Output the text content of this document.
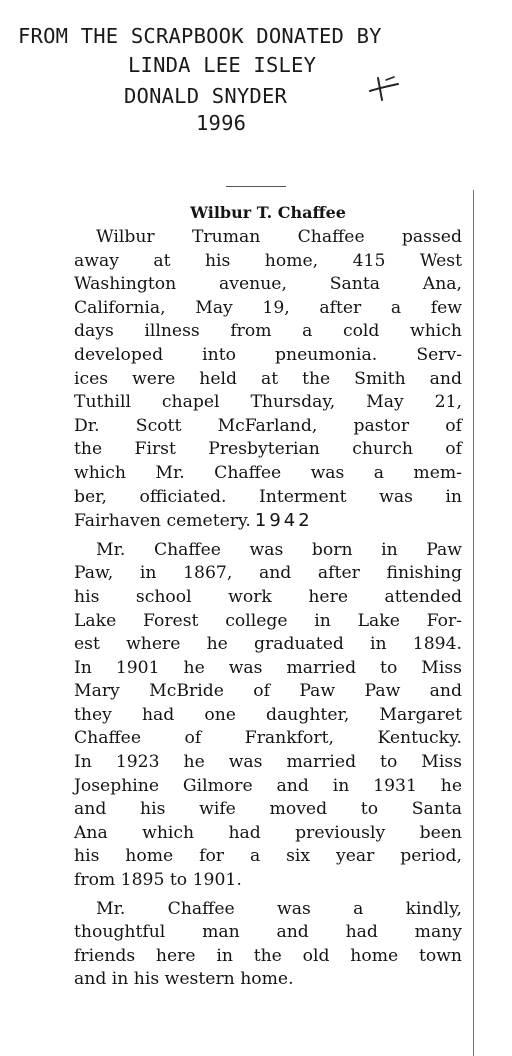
FROM THE SCRAPBOOK DONATED BY
LINDA LEE ISLEY
DONALD SNYDER
1996
Wilbur T. Chaffee

Wilbur Truman Chaffee passed
away at his home, 415 West
Washington avenue, Santa Ana,
California, May 19, after a few
days illness from a cold which
developed into pneumonia. Serv-
ices were held at the Smith and
Tuthill chapel Thursday, May 21,
Dr. Scott McFarland, pastor of
the First Presbyterian church of
which Mr. Chaffee was a mem-
ber, officiated. Interment was in
Fairhaven cemetery. 1942

Mr. Chaffee was born in Paw
Paw, in 1867, and after finishing
his school work here attended
Lake Forest college in Lake For-
est where he graduated in 1894.
In 1901 he was married to Miss
Mary McBride of Paw Paw and
they had one daughter, Margaret
Chaffee of Frankfort, Kentucky.
In 1923 he was married to Miss
Josephine Gilmore and in 1931 he
and his wife moved to Santa
Ana which had previously been
his home for a six year period,
from 1895 to 1901.

Mr. Chaffee was a kindly,
thoughtful man and had many
friends here in the old home town
and in his western home.
